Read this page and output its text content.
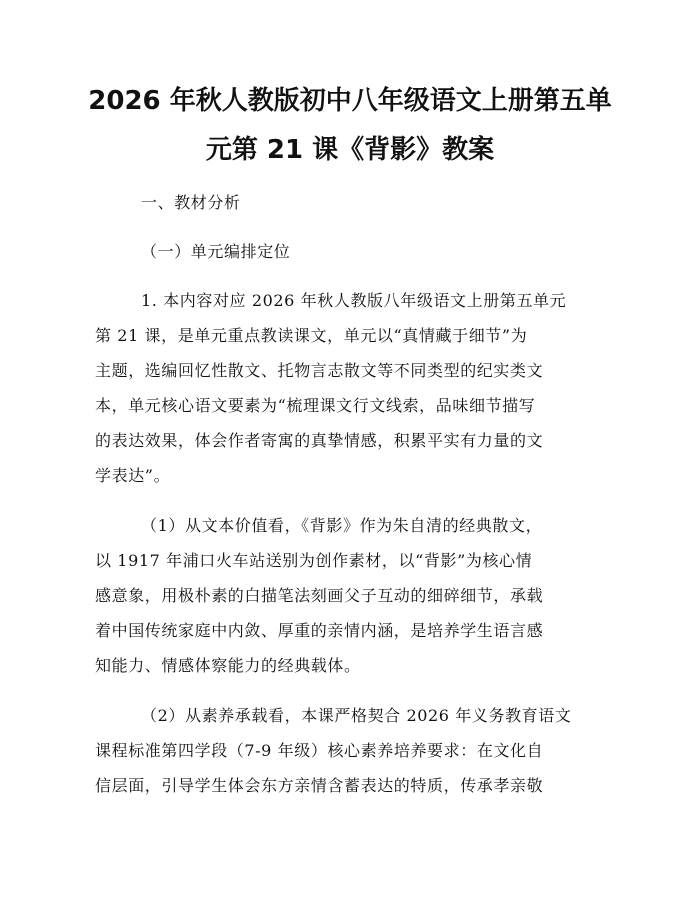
2026 年秋人教版初中八年级语文上册第五单
元第 21 课《背影》教案

一、教材分析

（一）单元编排定位

1. 本内容对应 2026 年秋人教版八年级语文上册第五单元

第 21 课，是单元重点教读课文，单元以“真情藏于细节”为

主题，选编回忆性散文、托物言志散文等不同类型的纪实类文

本，单元核心语文要素为“梳理课文行文线索，品味细节描写

的表达效果，体会作者寄寓的真挚情感，积累平实有力量的文

学表达”。

（1）从文本价值看，《背影》作为朱自清的经典散文，

以 1917 年浦口火车站送别为创作素材，以“背影”为核心情

感意象，用极朴素的白描笔法刻画父子互动的细碎细节，承载

着中国传统家庭中内敛、厚重的亲情内涵，是培养学生语言感

知能力、情感体察能力的经典载体。

（2）从素养承载看，本课严格契合 2026 年义务教育语文

课程标准第四学段（7-9 年级）核心素养培养要求：在文化自

信层面，引导学生体会东方亲情含蓄表达的特质，传承孝亲敬
